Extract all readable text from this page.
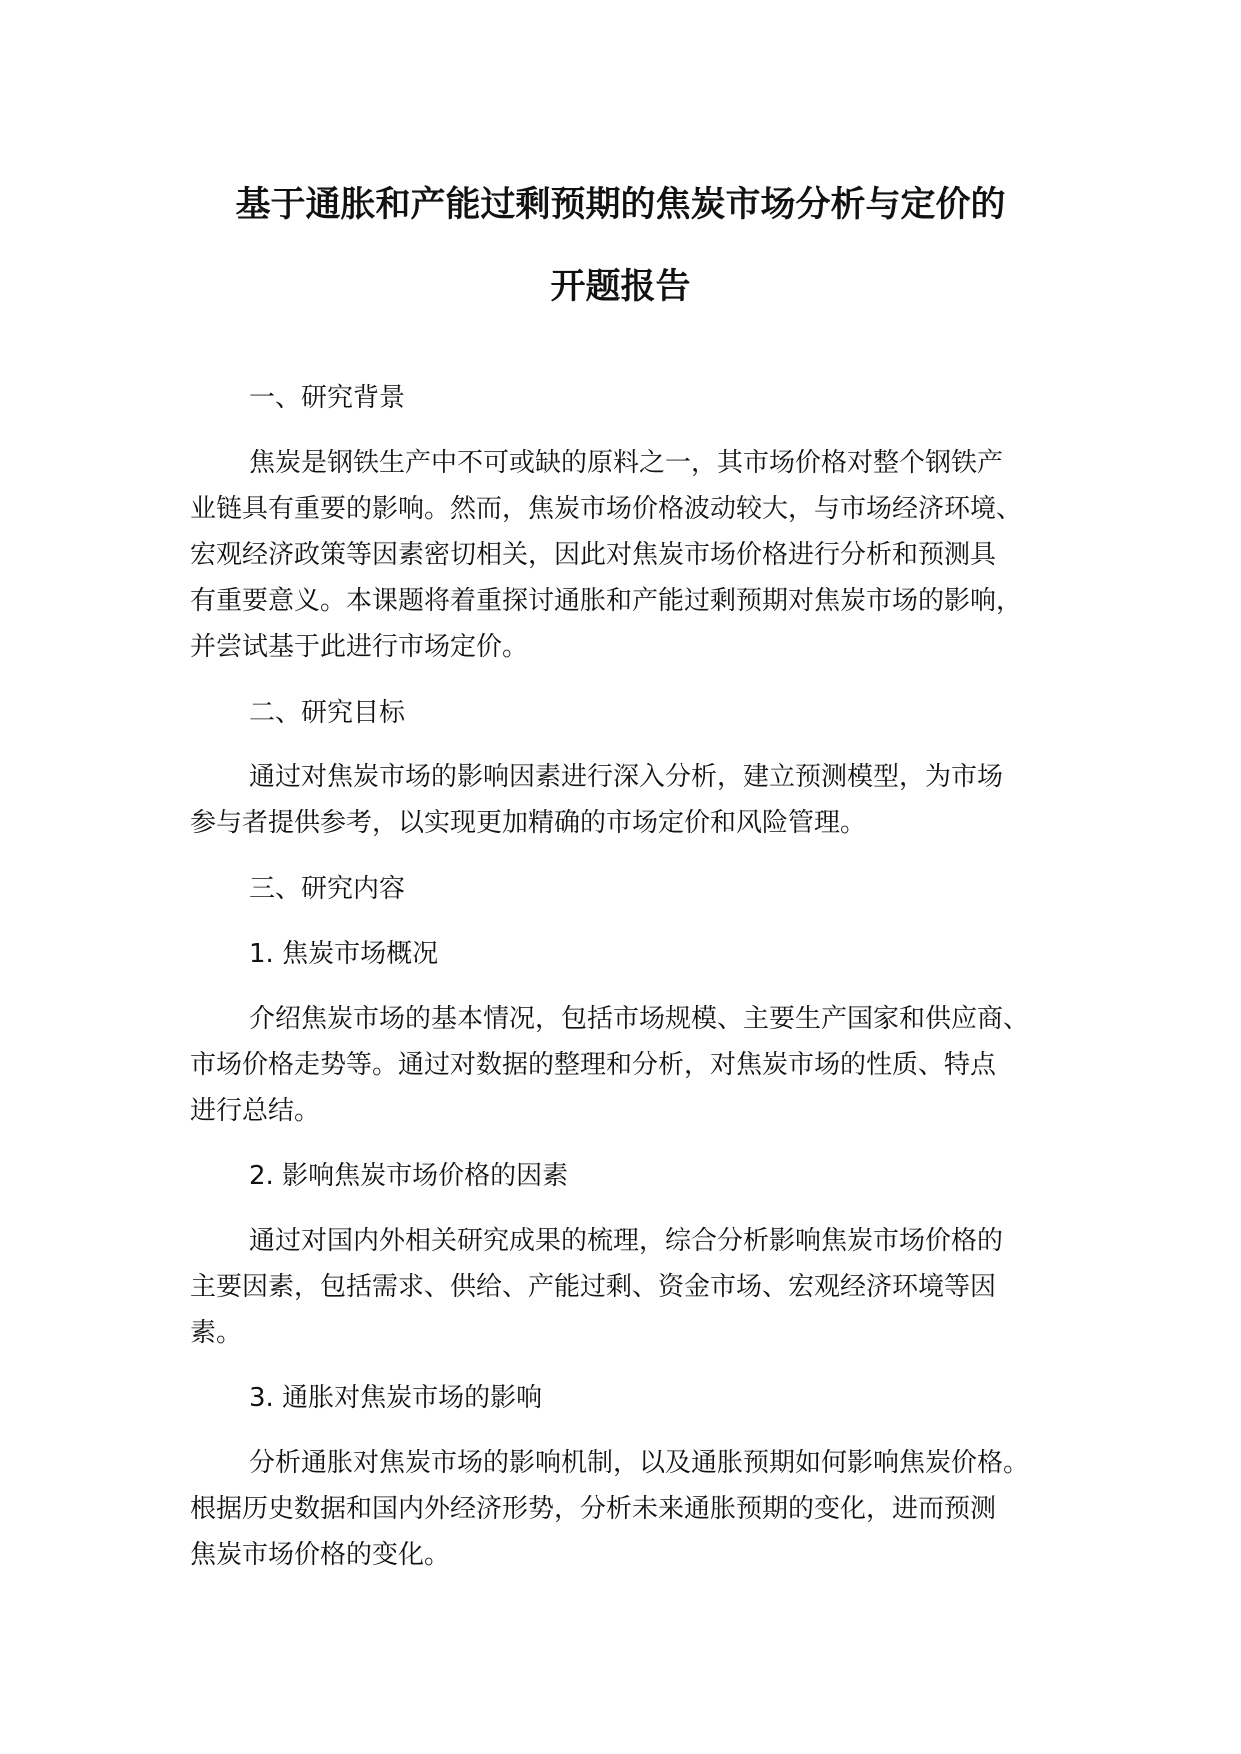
基于通胀和产能过剩预期的焦炭市场分析与定价的
开题报告

一、研究背景

焦炭是钢铁生产中不可或缺的原料之一，其市场价格对整个钢铁产

业链具有重要的影响。然而，焦炭市场价格波动较大，与市场经济环境、

宏观经济政策等因素密切相关，因此对焦炭市场价格进行分析和预测具

有重要意义。本课题将着重探讨通胀和产能过剩预期对焦炭市场的影响，

并尝试基于此进行市场定价。

二、研究目标

通过对焦炭市场的影响因素进行深入分析，建立预测模型，为市场

参与者提供参考，以实现更加精确的市场定价和风险管理。

三、研究内容

1. 焦炭市场概况

介绍焦炭市场的基本情况，包括市场规模、主要生产国家和供应商、

市场价格走势等。通过对数据的整理和分析，对焦炭市场的性质、特点

进行总结。

2. 影响焦炭市场价格的因素

通过对国内外相关研究成果的梳理，综合分析影响焦炭市场价格的

主要因素，包括需求、供给、产能过剩、资金市场、宏观经济环境等因

素。

3. 通胀对焦炭市场的影响

分析通胀对焦炭市场的影响机制，以及通胀预期如何影响焦炭价格。

根据历史数据和国内外经济形势，分析未来通胀预期的变化，进而预测

焦炭市场价格的变化。
